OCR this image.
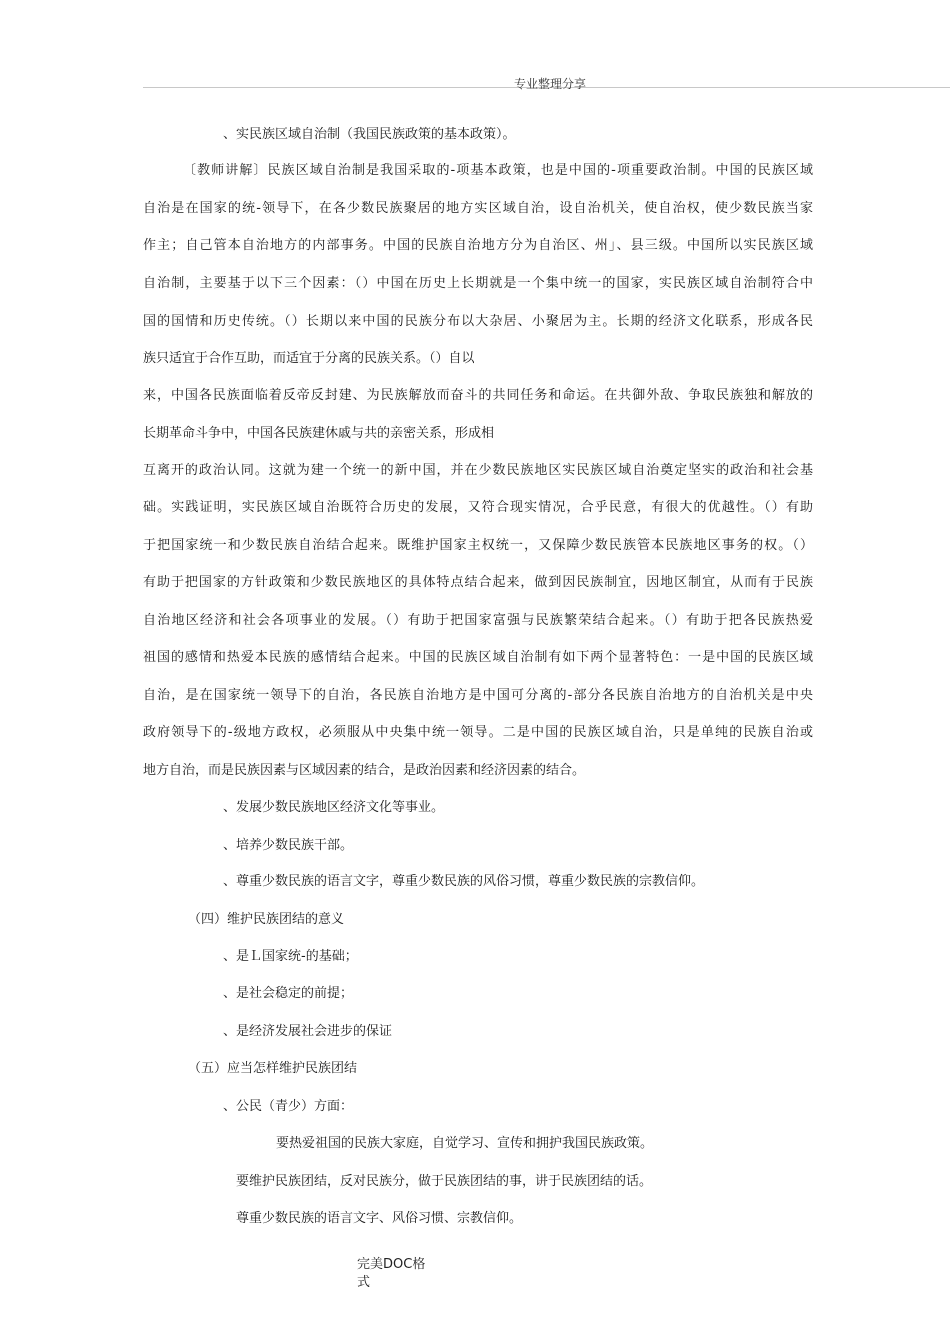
专业整理分享
、实民族区域自治制（我国民族政策的基本政策）。
〔教师讲解〕民族区域自治制是我国采取的-项基本政策，也是中国的-项重要政治制。中国的民族区域
自治是在国家的统-领导下，在各少数民族聚居的地方实区域自治，设自治机关，使自治权，使少数民族当家
作主；自己管本自治地方的内部事务。中国的民族自治地方分为自治区、州」、县三级。中国所以实民族区域
自治制，主要基于以下三个因素：（）中国在历史上长期就是一个集中统一的国家，实民族区域自治制符合中
国的国情和历史传统。（）长期以来中国的民族分布以大杂居、小聚居为主。长期的经济文化联系，形成各民
族只适宜于合作互助，而适宜于分离的民族关系。（）自以
来，中国各民族面临着反帝反封建、为民族解放而奋斗的共同任务和命运。在共御外敌、争取民族独和解放的
长期革命斗争中，中国各民族建休戚与共的亲密关系，形成相
互离开的政治认同。这就为建一个统一的新中国，并在少数民族地区实民族区域自治奠定坚实的政治和社会基
础。实践证明，实民族区域自治既符合历史的发展，又符合现实情况，合乎民意，有很大的优越性。（）有助
于把国家统一和少数民族自治结合起来。既维护国家主权统一，又保障少数民族管本民族地区事务的权。（）
有助于把国家的方针政策和少数民族地区的具体特点结合起来，做到因民族制宜，因地区制宜，从而有于民族
自治地区经济和社会各项事业的发展。（）有助于把国家富强与民族繁荣结合起来。（）有助于把各民族热爱
祖国的感情和热爱本民族的感情结合起来。中国的民族区域自治制有如下两个显著特色：一是中国的民族区域
自治，是在国家统一领导下的自治，各民族自治地方是中国可分离的-部分各民族自治地方的自治机关是中央
政府领导下的-级地方政权，必须服从中央集中统一领导。二是中国的民族区域自治，只是单纯的民族自治或
地方自治，而是民族因素与区域因素的结合，是政治因素和经济因素的结合。
、发展少数民族地区经济文化等事业。
、培养少数民族干部。
、尊重少数民族的语言文字，尊重少数民族的风俗习惯，尊重少数民族的宗教信仰。
（四）维护民族团结的意义
、是Ｌ国家统-的基础；
、是社会稳定的前提；
、是经济发展社会进步的保证
（五）应当怎样维护民族团结
、公民（青少）方面：
要热爱祖国的民族大家庭，自觉学习、宣传和拥护我国民族政策。
要维护民族团结，反对民族分，做于民族团结的事，讲于民族团结的话。
尊重少数民族的语言文字、风俗习惯、宗教信仰。
完美DOC格式
